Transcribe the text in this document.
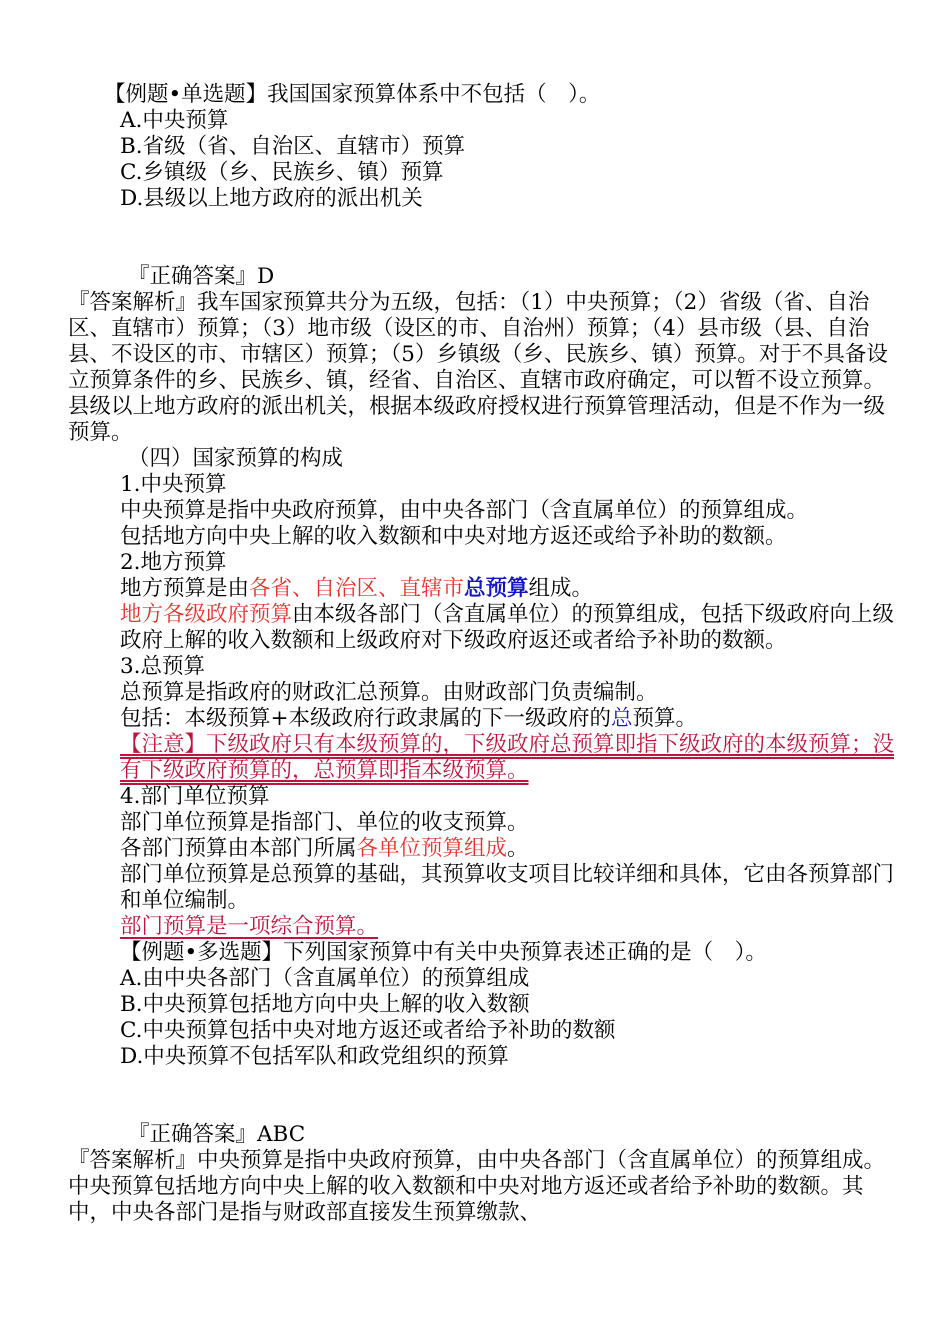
【例题•单选题】我国国家预算体系中不包括（　）。

A.中央预算

B.省级（省、自治区、直辖市）预算

C.乡镇级（乡、民族乡、镇）预算

D.县级以上地方政府的派出机关

『正确答案』D

『答案解析』我车国家预算共分为五级，包括：（1）中央预算；（2）省级（省、自治区、直辖市）预算；（3）地市级（设区的市、自治州）预算；（4）县市级（县、自治县、不设区的市、市辖区）预算；（5）乡镇级（乡、民族乡、镇）预算。对于不具备设立预算条件的乡、民族乡、镇，经省、自治区、直辖市政府确定，可以暂不设立预算。县级以上地方政府的派出机关，根据本级政府授权进行预算管理活动，但是不作为一级预算。

（四）国家预算的构成

1.中央预算

中央预算是指中央政府预算，由中央各部门（含直属单位）的预算组成。

包括地方向中央上解的收入数额和中央对地方返还或给予补助的数额。

2.地方预算

地方预算是由各省、自治区、直辖市总预算组成。

地方各级政府预算由本级各部门（含直属单位）的预算组成，包括下级政府向上级政府上解的收入数额和上级政府对下级政府返还或者给予补助的数额。

3.总预算

总预算是指政府的财政汇总预算。由财政部门负责编制。

包括：本级预算+本级政府行政隶属的下一级政府的总预算。

【注意】下级政府只有本级预算的，下级政府总预算即指下级政府的本级预算；没有下级政府预算的，总预算即指本级预算。

4.部门单位预算

部门单位预算是指部门、单位的收支预算。

各部门预算由本部门所属各单位预算组成。

部门单位预算是总预算的基础，其预算收支项目比较详细和具体，它由各预算部门和单位编制。

部门预算是一项综合预算。

【例题•多选题】下列国家预算中有关中央预算表述正确的是（　）。

A.由中央各部门（含直属单位）的预算组成

B.中央预算包括地方向中央上解的收入数额

C.中央预算包括中央对地方返还或者给予补助的数额

D.中央预算不包括军队和政党组织的预算

『正确答案』ABC

『答案解析』中央预算是指中央政府预算，由中央各部门（含直属单位）的预算组成。中央预算包括地方向中央上解的收入数额和中央对地方返还或者给予补助的数额。其中，中央各部门是指与财政部直接发生预算缴款、
